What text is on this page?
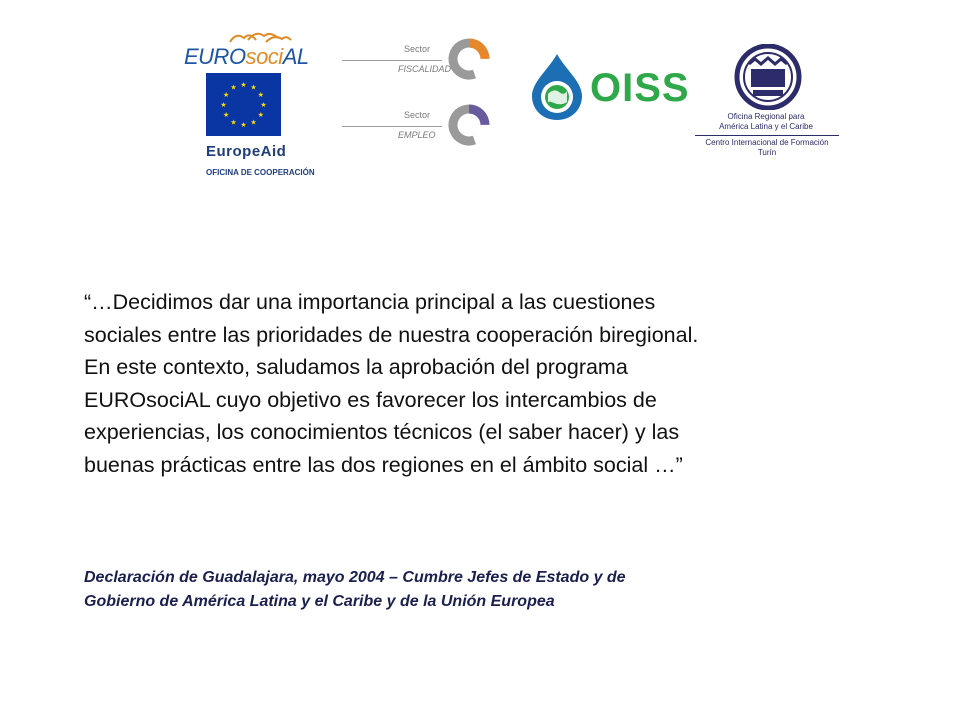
EUROsociAL
★ ★
★
★
★
★
★
★
★
★
★
★
EuropeAid
OFICINA DE COOPERACIÓN
Sector
FISCALIDAD
Sector
EMPLEO
OISS
Oficina Regional para
América Latina y el Caribe
Centro Internacional de Formación
Turín

“…Decidimos dar una importancia principal a las cuestiones
sociales entre las prioridades de nuestra cooperación biregional.
En este contexto, saludamos la aprobación del programa
EUROsociAL cuyo objetivo es favorecer los intercambios de
experiencias, los conocimientos técnicos (el saber hacer) y las
buenas prácticas entre las dos regiones en el ámbito social …”

Declaración de Guadalajara, mayo 2004 – Cumbre Jefes de Estado y de
Gobierno de América Latina y el Caribe y de la Unión Europea
